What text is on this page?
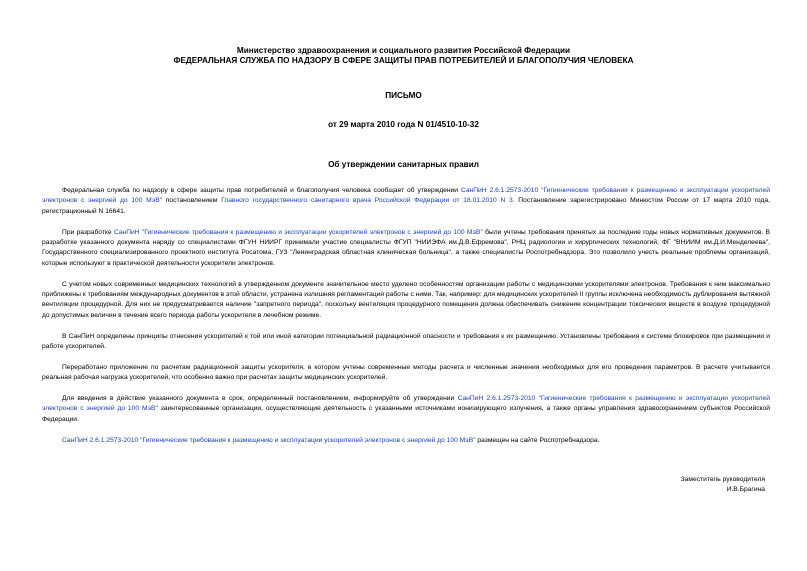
Министерство здравоохранения и социального развития Российской Федерации
ФЕДЕРАЛЬНАЯ СЛУЖБА ПО НАДЗОРУ В СФЕРЕ ЗАЩИТЫ ПРАВ ПОТРЕБИТЕЛЕЙ И БЛАГОПОЛУЧИЯ ЧЕЛОВЕКА
ПИСЬМО
от 29 марта 2010 года N 01/4510-10-32
Об утверждении санитарных правил

Федеральная служба по надзору в сфере защиты прав потребителей и благополучия человека сообщает об утверждении СанПиН 2.6.1.2573-2010 "Гигиенические требования к размещению и эксплуатации ускорителей электронов с энергией до 100 МэВ" постановлением Главного государственного санитарного врача Российской Федерации от 18.01.2010 N 3. Постановление зарегистрировано Минюстом России от 17 марта 2010 года, регистрационный N 16641.

При разработке СанПиН "Гигиенические требования к размещению и эксплуатации ускорителей электронов с энергией до 100 МэВ" были учтены требования принятых за последние годы новых нормативных документов. В разработке указанного документа наряду со специалистами ФГУН НИИРГ принимали участие специалисты ФГУП "НИИЭФА им.Д.В.Ефремова", РНЦ радиологии и хирургических технологий, ФГ "ВНИИМ им.Д.И.Менделеева", Государственного специализированного проектного института Росатома, ГУЗ "Ленинградская областная клиническая больница", а также специалисты Роспотребнадзора. Это позволило учесть реальные проблемы организаций, которые используют в практической деятельности ускорители электронов.

С учетом новых современных медицинских технологий в утвержденном документе значительное место уделено особенностям организации работы с медицинскими ускорителями электронов. Требования к ним максимально приближены к требованиям международных документов в этой области, устранена излишняя регламентация работы с ними. Так, например: для медицинских ускорителей II группы исключена необходимость дублирования вытяжной вентиляции процедурной. Для них не предусматривается наличие "запретного периода", поскольку вентиляция процедурного помещения должна обеспечивать снижение концентрации токсических веществ в воздухе процедурной до допустимых величин в течение всего периода работы ускорителя в лечебном режиме.

В СанПиН определены принципы отнесения ускорителей к той или иной категории потенциальной радиационной опасности и требования к их размещению. Установлены требования к системе блокировок при размещении и работе ускорителей.

Переработано приложение по расчетам радиационной защиты ускорителя, в котором учтены современные методы расчета и численные значения необходимых для его проведения параметров. В расчете учитывается реальная рабочая нагрузка ускорителей, что особенно важно при расчетах защиты медицинских ускорителей.

Для введения в действие указанного документа в срок, определенный постановлением, информируйте об утверждении СанПиН 2.6.1.2573-2010 "Гигиенические требования к размещению и эксплуатации ускорителей электронов с энергией до 100 МэВ" заинтересованные организации, осуществляющие деятельность с указанными источниками ионизирующего излучения, а также органы управления здравоохранением субъектов Российской Федерации.

СанПиН 2.6.1.2573-2010 "Гигиенические требования к размещению и эксплуатации ускорителей электронов с энергией до 100 МэВ" размещен на сайте Роспотребнадзора.

Заместитель руководителя
И.В.Брагина
